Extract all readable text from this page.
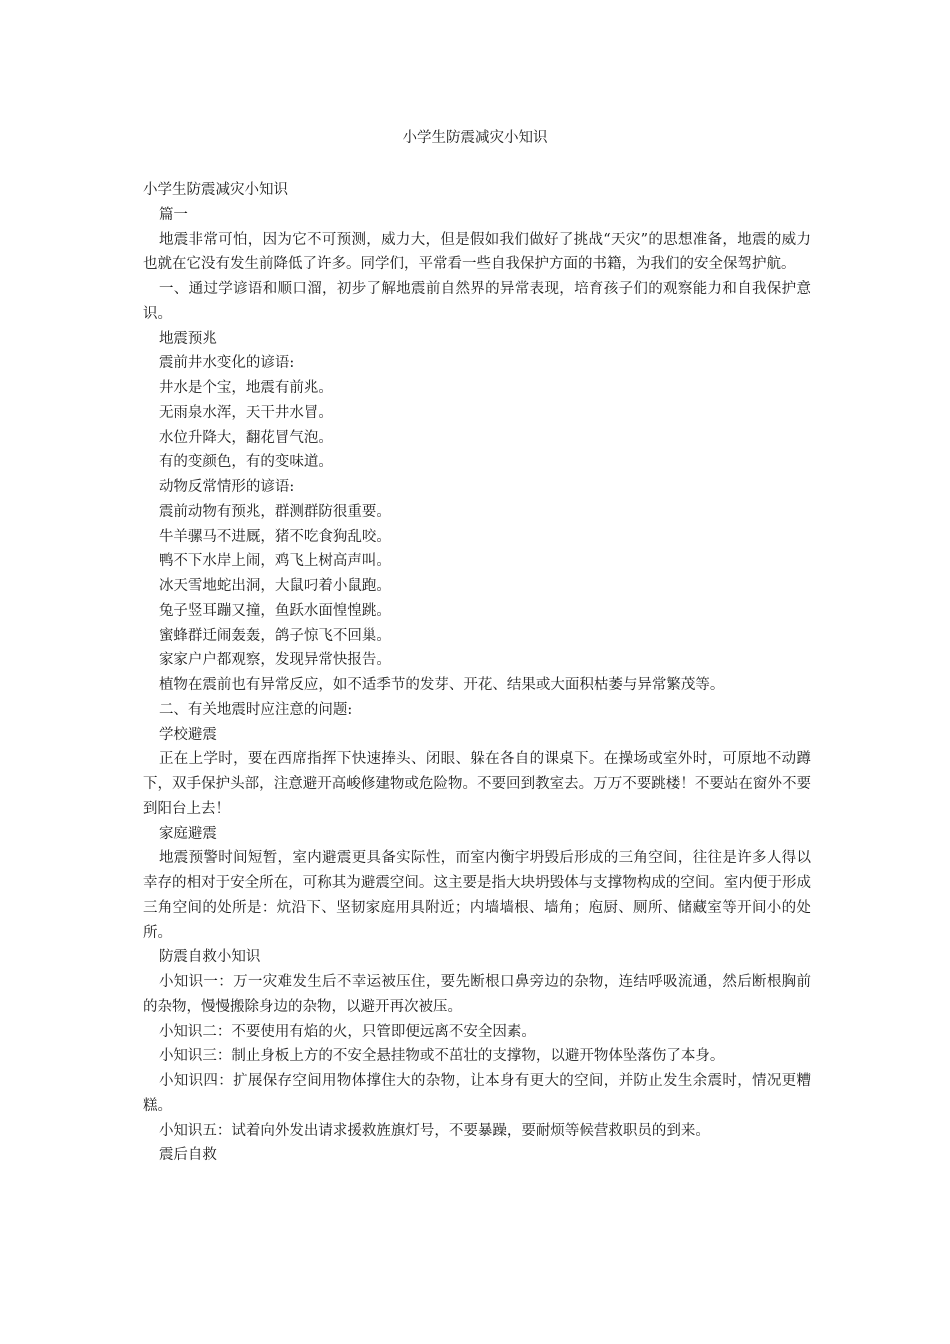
小学生防震减灾小知识

小学生防震减灾小知识

篇一

地震非常可怕，因为它不可预测，威力大，但是假如我们做好了挑战“天灾”的思想准备，地震的威力也就在它没有发生前降低了许多。同学们，平常看一些自我保护方面的书籍，为我们的安全保驾护航。

一、通过学谚语和顺口溜，初步了解地震前自然界的异常表现，培育孩子们的观察能力和自我保护意识。

地震预兆

震前井水变化的谚语:

井水是个宝，地震有前兆。

无雨泉水浑，天干井水冒。

水位升降大，翻花冒气泡。

有的变颜色，有的变味道。

动物反常情形的谚语:

震前动物有预兆，群测群防很重要。

牛羊骡马不进厩，猪不吃食狗乱咬。

鸭不下水岸上闹，鸡飞上树高声叫。

冰天雪地蛇出洞，大鼠叼着小鼠跑。

兔子竖耳蹦又撞，鱼跃水面惶惶跳。

蜜蜂群迁闹轰轰，鸽子惊飞不回巢。

家家户户都观察，发现异常快报告。

植物在震前也有异常反应，如不适季节的发芽、开花、结果或大面积枯萎与异常繁茂等。

二、有关地震时应注意的问题:

学校避震

正在上学时，要在西席指挥下快速捧头、闭眼、躲在各自的课桌下。在操场或室外时，可原地不动蹲下，双手保护头部，注意避开高峻修建物或危险物。不要回到教室去。万万不要跳楼！不要站在窗外不要到阳台上去！

家庭避震

地震预警时间短暂，室内避震更具备实际性，而室内衡宇坍毁后形成的三角空间，往往是许多人得以幸存的相对于安全所在，可称其为避震空间。这主要是指大块坍毁体与支撑物构成的空间。室内便于形成三角空间的处所是：炕沿下、坚韧家庭用具附近；内墙墙根、墙角；庖厨、厕所、储藏室等开间小的处所。

防震自救小知识

小知识一：万一灾难发生后不幸运被压住，要先断根口鼻旁边的杂物，连结呼吸流通，然后断根胸前的杂物，慢慢搬除身边的杂物，以避开再次被压。

小知识二：不要使用有焰的火，只管即便远离不安全因素。

小知识三：制止身板上方的不安全悬挂物或不茁壮的支撑物，以避开物体坠落伤了本身。

小知识四：扩展保存空间用物体撑住大的杂物，让本身有更大的空间，并防止发生余震时，情况更糟糕。

小知识五：试着向外发出请求援救旌旗灯号，不要暴躁，要耐烦等候营救职员的到来。

震后自救
